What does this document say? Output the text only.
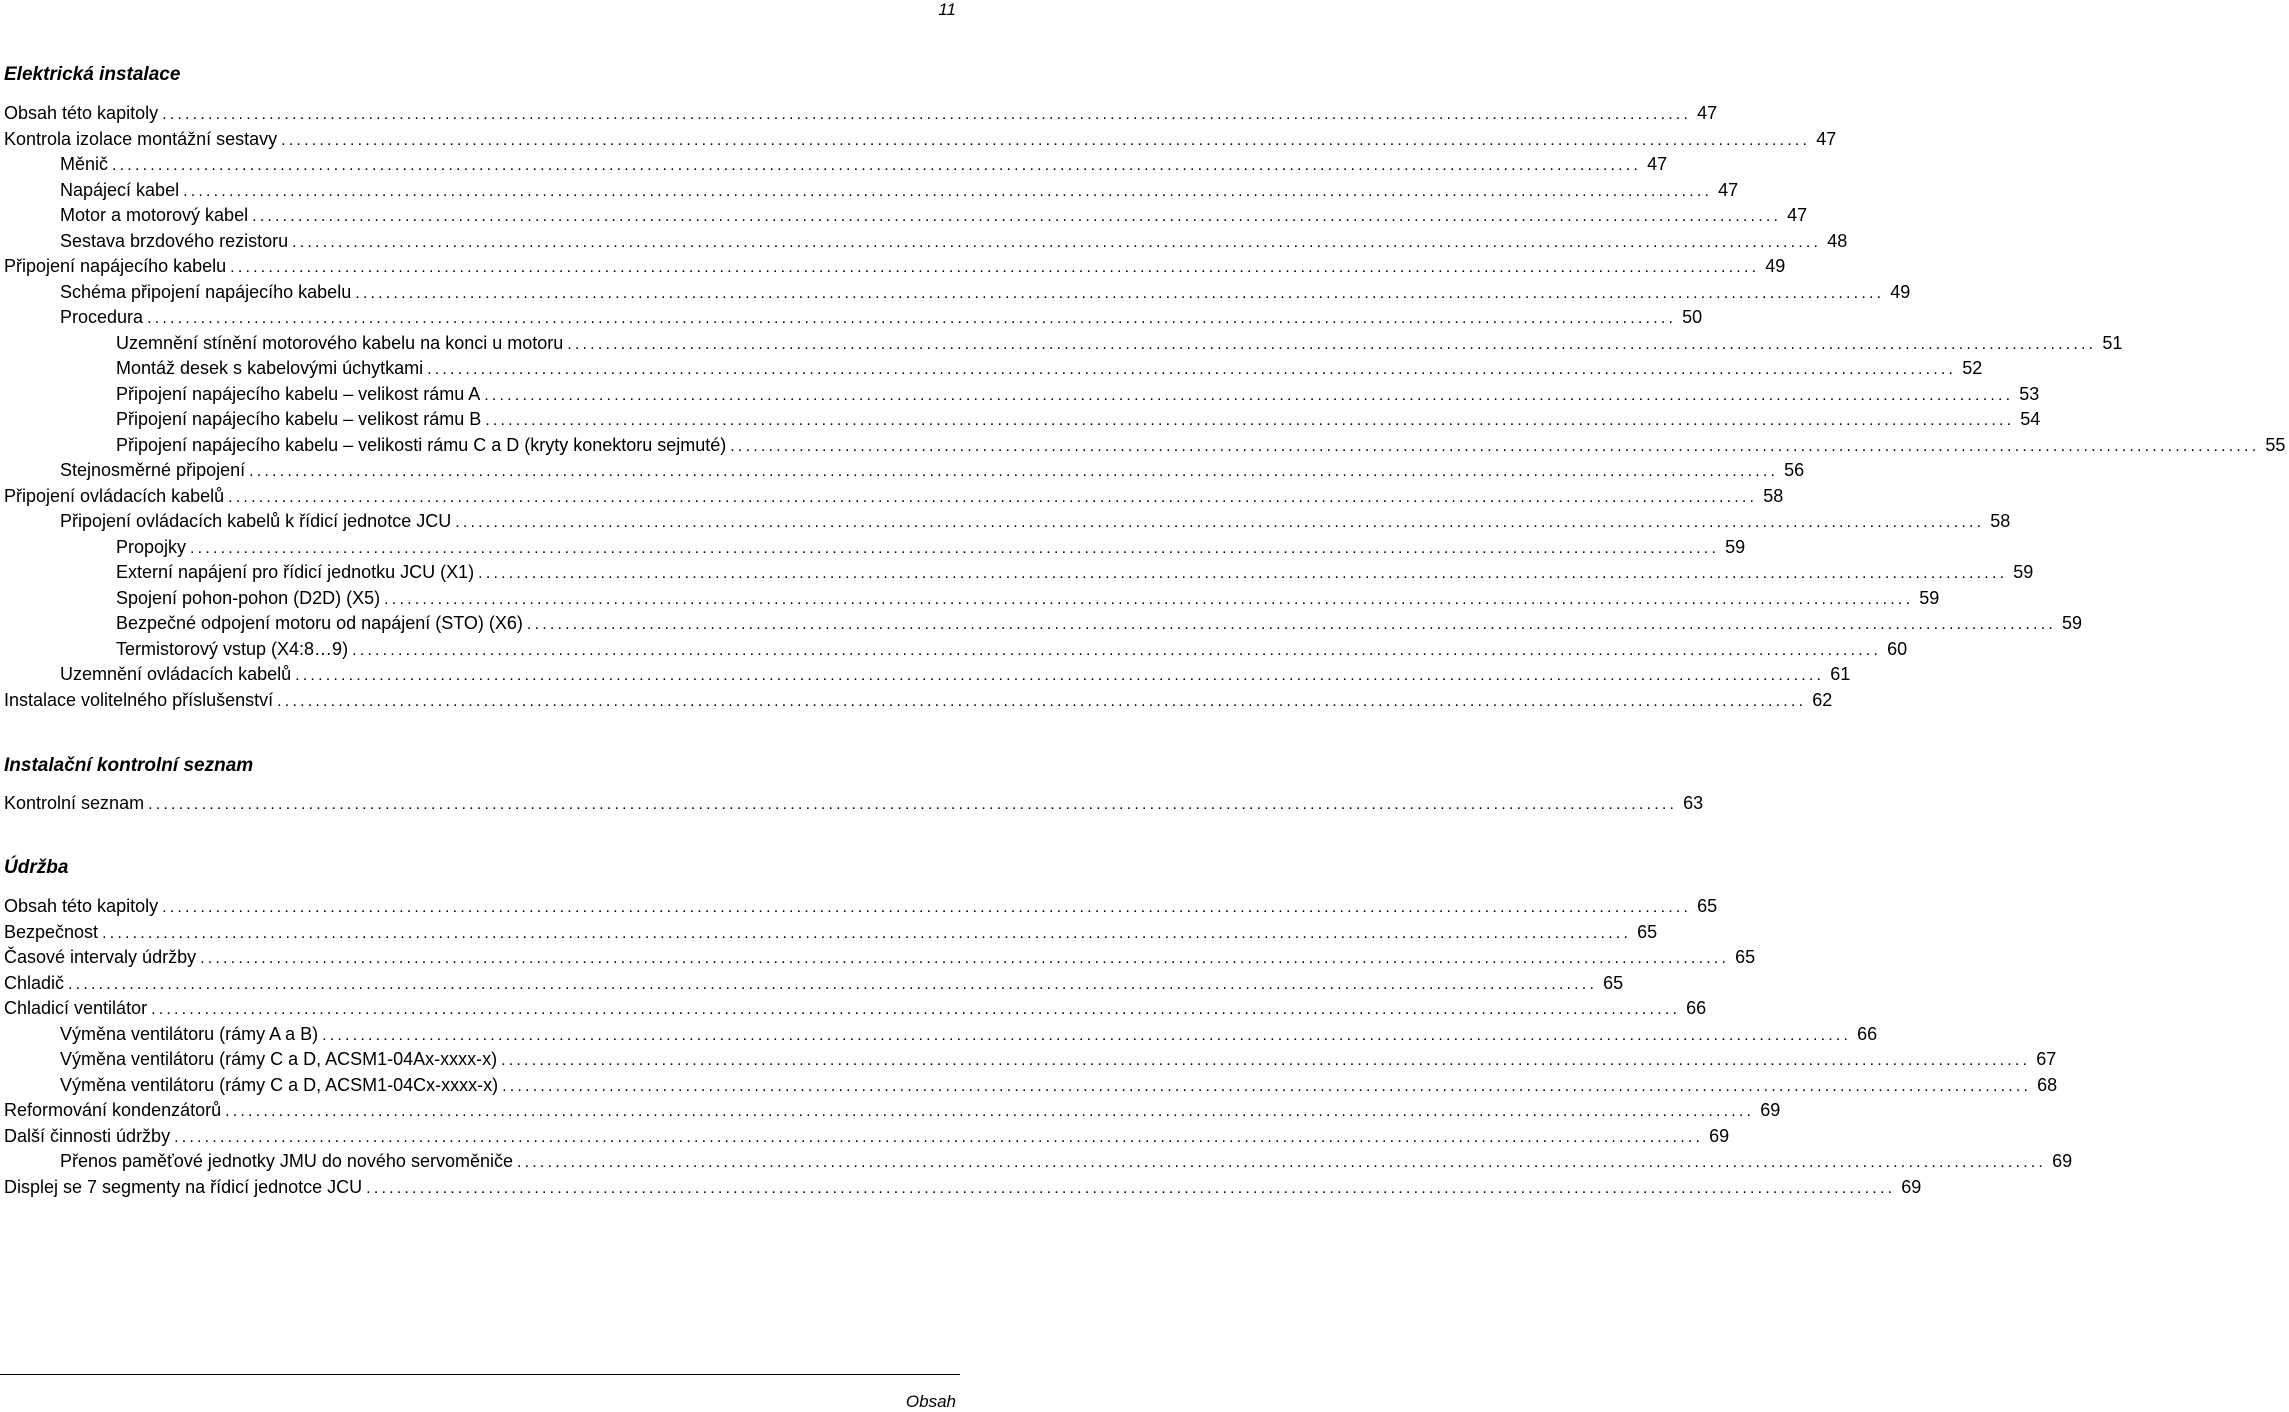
11
Elektrická instalace
Obsah této kapitoly ........................................................................................................................................................................................................ 47
Kontrola izolace montážní sestavy ........................................................................................................................................................................................................ 47
Měnič ........................................................................................................................................................................................................ 47
Napájecí kabel ........................................................................................................................................................................................................ 47
Motor a motorový kabel ........................................................................................................................................................................................................ 47
Sestava brzdového rezistoru ........................................................................................................................................................................................................ 48
Připojení napájecího kabelu ........................................................................................................................................................................................................ 49
Schéma připojení napájecího kabelu ........................................................................................................................................................................................................ 49
Procedura ........................................................................................................................................................................................................ 50
Uzemnění stínění motorového kabelu na konci u motoru ........................................................................................................................................................................................................ 51
Montáž desek s kabelovými úchytkami ........................................................................................................................................................................................................ 52
Připojení napájecího kabelu – velikost rámu A ........................................................................................................................................................................................................ 53
Připojení napájecího kabelu – velikost rámu B ........................................................................................................................................................................................................ 54
Připojení napájecího kabelu – velikosti rámu C a D (kryty konektoru sejmuté) ........................................................................................................................................................................................................ 55
Stejnosměrné připojení ........................................................................................................................................................................................................ 56
Připojení ovládacích kabelů ........................................................................................................................................................................................................ 58
Připojení ovládacích kabelů k řídicí jednotce JCU ........................................................................................................................................................................................................ 58
Propojky ........................................................................................................................................................................................................ 59
Externí napájení pro řídicí jednotku JCU (X1) ........................................................................................................................................................................................................ 59
Spojení pohon-pohon (D2D) (X5) ........................................................................................................................................................................................................ 59
Bezpečné odpojení motoru od napájení (STO) (X6) ........................................................................................................................................................................................................ 59
Termistorový vstup (X4:8…9) ........................................................................................................................................................................................................ 60
Uzemnění ovládacích kabelů ........................................................................................................................................................................................................ 61
Instalace volitelného příslušenství ........................................................................................................................................................................................................ 62
Instalační kontrolní seznam
Kontrolní seznam ........................................................................................................................................................................................................ 63
Údržba
Obsah této kapitoly ........................................................................................................................................................................................................ 65
Bezpečnost ........................................................................................................................................................................................................ 65
Časové intervaly údržby ........................................................................................................................................................................................................ 65
Chladič ........................................................................................................................................................................................................ 65
Chladicí ventilátor ........................................................................................................................................................................................................ 66
Výměna ventilátoru (rámy A a B) ........................................................................................................................................................................................................ 66
Výměna ventilátoru (rámy C a D, ACSM1-04Ax-xxxx-x) ........................................................................................................................................................................................................ 67
Výměna ventilátoru (rámy C a D, ACSM1-04Cx-xxxx-x) ........................................................................................................................................................................................................ 68
Reformování kondenzátorů ........................................................................................................................................................................................................ 69
Další činnosti údržby ........................................................................................................................................................................................................ 69
Přenos paměťové jednotky JMU do nového servoměniče ........................................................................................................................................................................................................ 69
Displej se 7 segmenty na řídicí jednotce JCU ........................................................................................................................................................................................................ 69
Obsah
